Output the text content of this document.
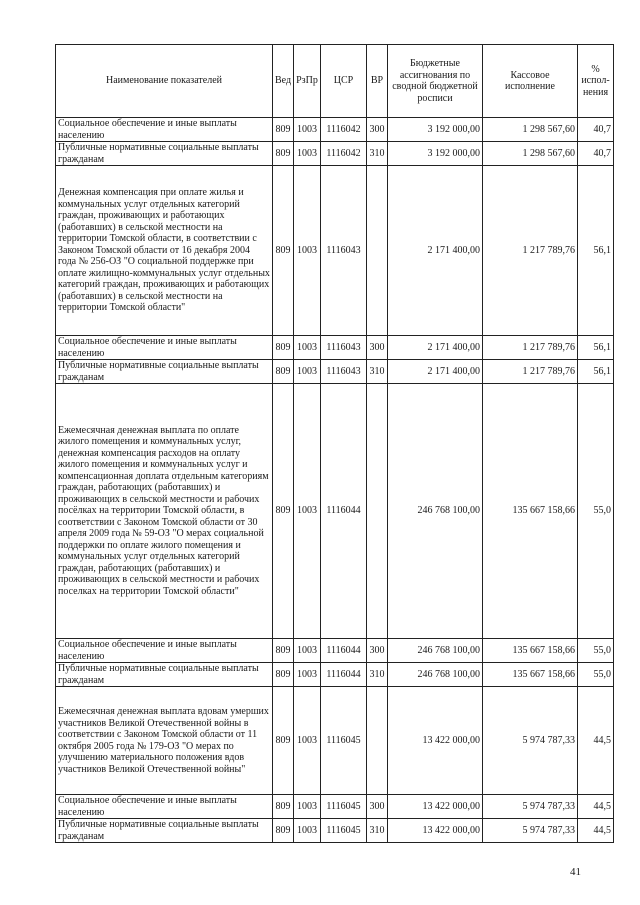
Наименование показателей	Вед	РзПр	ЦСР	ВР	Бюджетные ассигнования по сводной бюджетной росписи	Кассовое исполнение	% испол-нения
Социальное обеспечение и иные выплаты населению	809	1003	1116042	300	3 192 000,00	1 298 567,60	40,7
Публичные нормативные социальные выплаты гражданам	809	1003	1116042	310	3 192 000,00	1 298 567,60	40,7
Денежная компенсация при оплате жилья и коммунальных услуг отдельных категорий граждан, проживающих и работающих (работавших) в сельской местности на территории Томской области, в соответствии с Законом Томской области от 16 декабря 2004 года № 256-ОЗ "О социальной поддержке при оплате жилищно-коммунальных услуг отдельных категорий граждан, проживающих и работающих (работавших) в сельской местности на территории Томской области"	809	1003	1116043		2 171 400,00	1 217 789,76	56,1
Социальное обеспечение и иные выплаты населению	809	1003	1116043	300	2 171 400,00	1 217 789,76	56,1
Публичные нормативные социальные выплаты гражданам	809	1003	1116043	310	2 171 400,00	1 217 789,76	56,1
Ежемесячная денежная выплата по оплате жилого помещения и коммунальных услуг, денежная компенсация расходов на оплату жилого помещения и коммунальных услуг и компенсационная доплата отдельным категориям граждан, работающих (работавших) и проживающих в сельской местности и рабочих посёлках на территории Томской области, в соответствии с Законом Томской области от 30 апреля 2009 года № 59-ОЗ "О мерах социальной поддержки по оплате жилого помещения и коммунальных услуг отдельных категорий граждан, работающих (работавших) и проживающих в сельской местности и рабочих поселках на территории Томской области"	809	1003	1116044		246 768 100,00	135 667 158,66	55,0
Социальное обеспечение и иные выплаты населению	809	1003	1116044	300	246 768 100,00	135 667 158,66	55,0
Публичные нормативные социальные выплаты гражданам	809	1003	1116044	310	246 768 100,00	135 667 158,66	55,0
Ежемесячная денежная выплата вдовам умерших участников Великой Отечественной войны в соответствии с Законом Томской области от 11 октября 2005 года № 179-ОЗ "О мерах по улучшению материального положения вдов участников Великой Отечественной войны"	809	1003	1116045		13 422 000,00	5 974 787,33	44,5
Социальное обеспечение и иные выплаты населению	809	1003	1116045	300	13 422 000,00	5 974 787,33	44,5
Публичные нормативные социальные выплаты гражданам	809	1003	1116045	310	13 422 000,00	5 974 787,33	44,5
41
